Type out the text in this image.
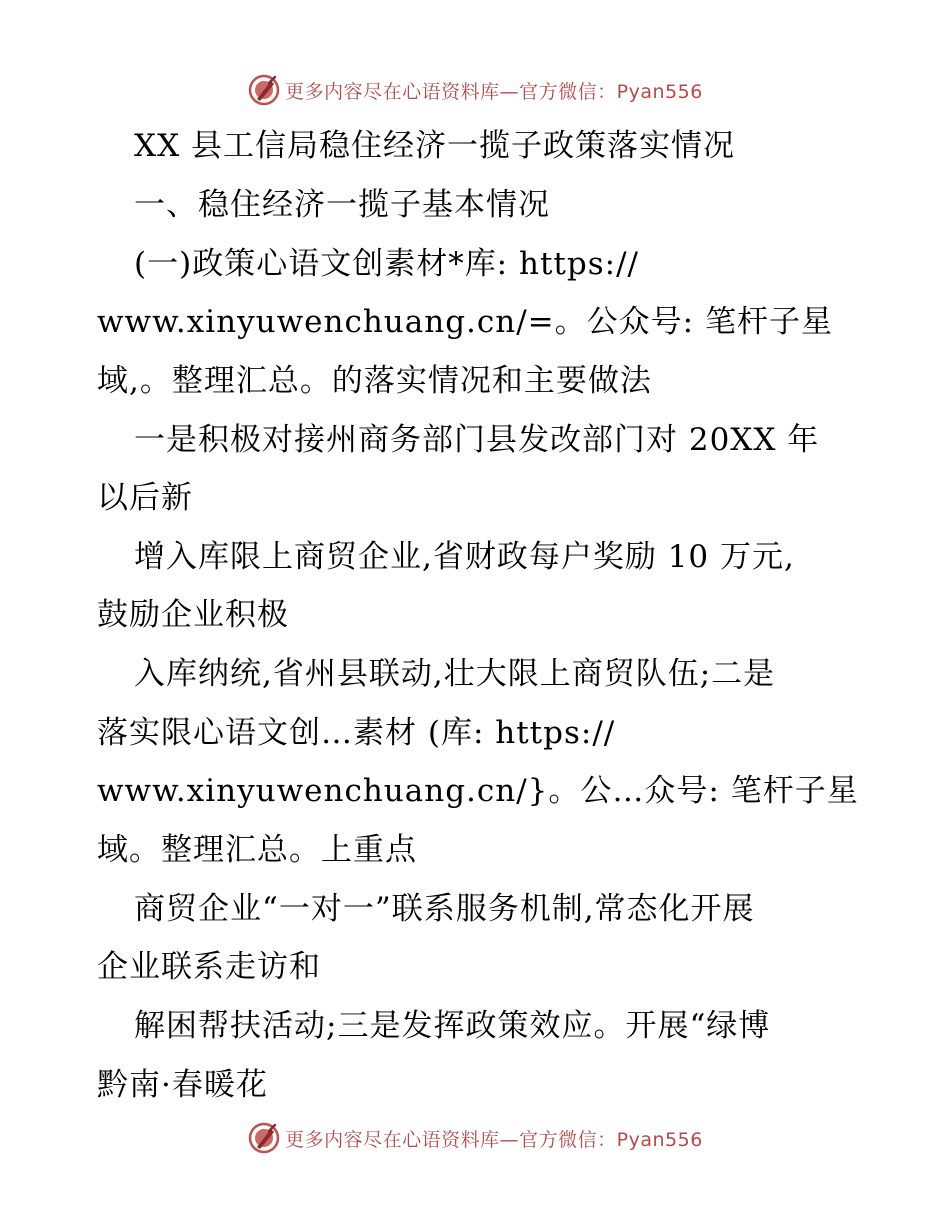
更多内容尽在心语资料库—官方微信：Pyan556
XX 县工信局稳住经济一揽子政策落实情况
一、稳住经济一揽子基本情况
(一)政策心语文创素材*库: https://
www.xinyuwenchuang.cn/=。公众号: 笔杆子星
域,。整理汇总。的落实情况和主要做法
一是积极对接州商务部门县发改部门对 20XX 年
以后新
增入库限上商贸企业,省财政每户奖励 10 万元,
鼓励企业积极
入库纳统,省州县联动,壮大限上商贸队伍;二是
落实限心语文创…素材 (库: https://
www.xinyuwenchuang.cn/}。公…众号: 笔杆子星
域。整理汇总。上重点
商贸企业“一对一”联系服务机制,常态化开展
企业联系走访和
解困帮扶活动;三是发挥政策效应。开展“绿博
黔南·春暖花
更多内容尽在心语资料库—官方微信：Pyan556
